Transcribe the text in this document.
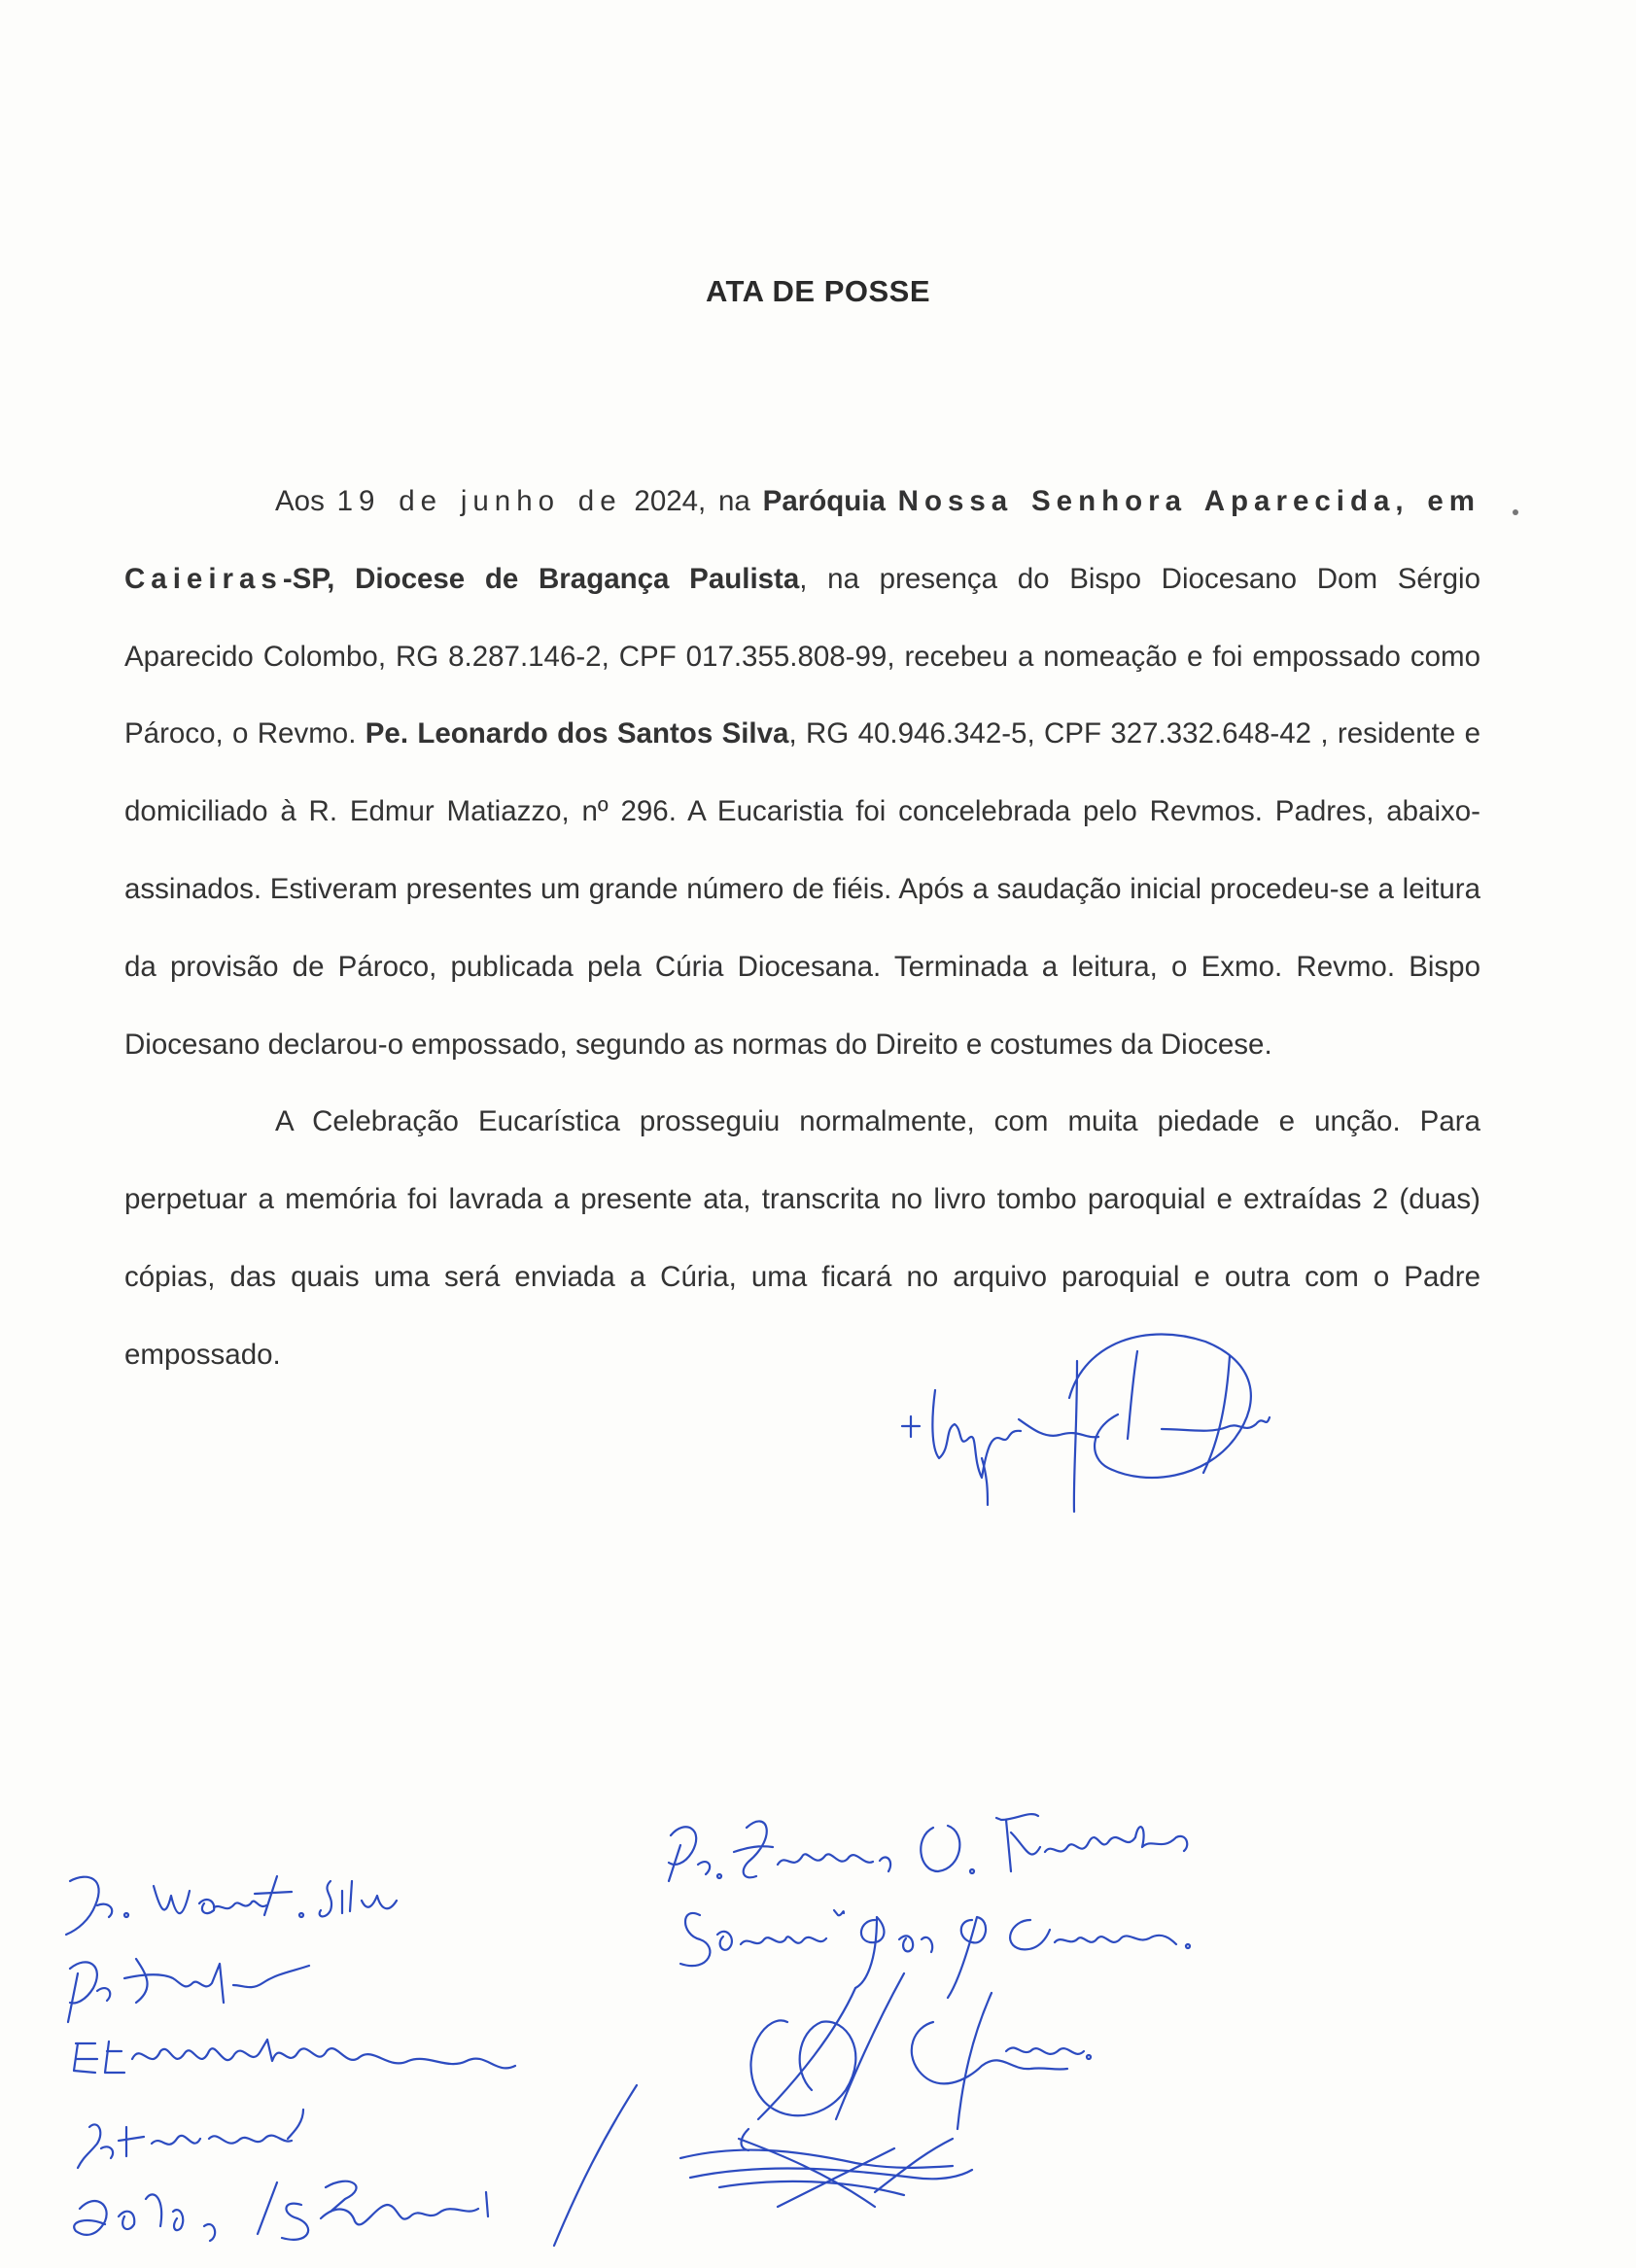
ATA DE POSSE

Aos 19 de junho de 2024, na Paróquia Nossa Senhora Aparecida, em Caieiras-SP, Diocese de Bragança Paulista, na presença do Bispo Diocesano Dom Sérgio Aparecido Colombo, RG 8.287.146-2, CPF 017.355.808-99, recebeu a nomeação e foi empossado como Pároco, o Revmo. Pe. Leonardo dos Santos Silva, RG 40.946.342-5, CPF 327.332.648-42 , residente e domiciliado à R. Edmur Matiazzo, nº 296. A Eucaristia foi concelebrada pelo Revmos. Padres, abaixo-assinados. Estiveram presentes um grande número de fiéis. Após a saudação inicial procedeu-se a leitura da provisão de Pároco, publicada pela Cúria Diocesana. Terminada a leitura, o Exmo. Revmo. Bispo Diocesano declarou-o empossado, segundo as normas do Direito e costumes da Diocese.

A Celebração Eucarística prosseguiu normalmente, com muita piedade e unção. Para perpetuar a memória foi lavrada a presente ata, transcrita no livro tombo paroquial e extraídas 2 (duas) cópias, das quais uma será enviada a Cúria, uma ficará no arquivo paroquial e outra com o Padre empossado.
